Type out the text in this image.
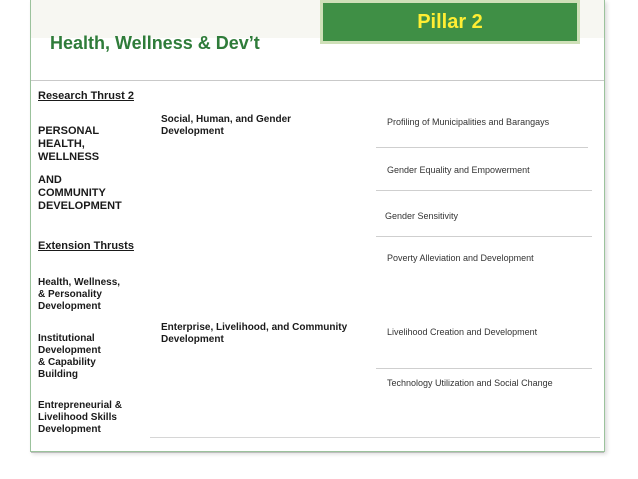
Pillar 2
Health, Wellness & Dev’t
Research Thrust 2
PERSONAL
HEALTH,
WELLNESS
AND
COMMUNITY
DEVELOPMENT
Extension Thrusts
Health, Wellness,
& Personality
Development
Institutional
Development
& Capability
Building
Entrepreneurial &
Livelihood Skills
Development
Social, Human, and Gender
Development
Enterprise, Livelihood, and Community
Development
Profiling of Municipalities and Barangays
Gender Equality and Empowerment
Gender Sensitivity
Poverty Alleviation and Development
Livelihood Creation and Development
Technology Utilization and Social Change
